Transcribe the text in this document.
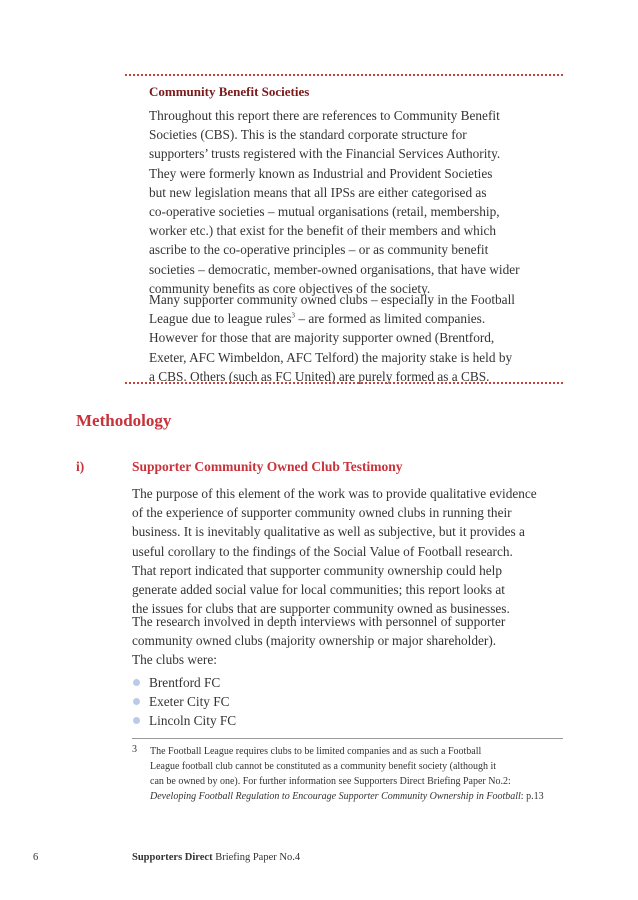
Community Benefit Societies
Throughout this report there are references to Community Benefit
Societies (CBS). This is the standard corporate structure for
supporters’ trusts registered with the Financial Services Authority.
They were formerly known as Industrial and Provident Societies
but new legislation means that all IPSs are either categorised as
co-operative societies – mutual organisations (retail, membership,
worker etc.) that exist for the benefit of their members and which
ascribe to the co-operative principles – or as community benefit
societies – democratic, member-owned organisations, that have wider
community benefits as core objectives of the society.
Many supporter community owned clubs – especially in the Football
League due to league rules$^3$ – are formed as limited companies.
However for those that are majority supporter owned (Brentford,
Exeter, AFC Wimbeldon, AFC Telford) the majority stake is held by
a CBS. Others (such as FC United) are purely formed as a CBS.
Methodology
i)	Supporter Community Owned Club Testimony
The purpose of this element of the work was to provide qualitative evidence
of the experience of supporter community owned clubs in running their
business. It is inevitably qualitative as well as subjective, but it provides a
useful corollary to the findings of the Social Value of Football research.
That report indicated that supporter community ownership could help
generate added social value for local communities; this report looks at
the issues for clubs that are supporter community owned as businesses.
The research involved in depth interviews with personnel of supporter
community owned clubs (majority ownership or major shareholder).
The clubs were:
Brentford FC
Exeter City FC
Lincoln City FC
3 The Football League requires clubs to be limited companies and as such a Football
League football club cannot be constituted as a community benefit society (although it
can be owned by one). For further information see Supporters Direct Briefing Paper No.2:
Developing Football Regulation to Encourage Supporter Community Ownership in Football: p.13
6	Supporters Direct Briefing Paper No.4
